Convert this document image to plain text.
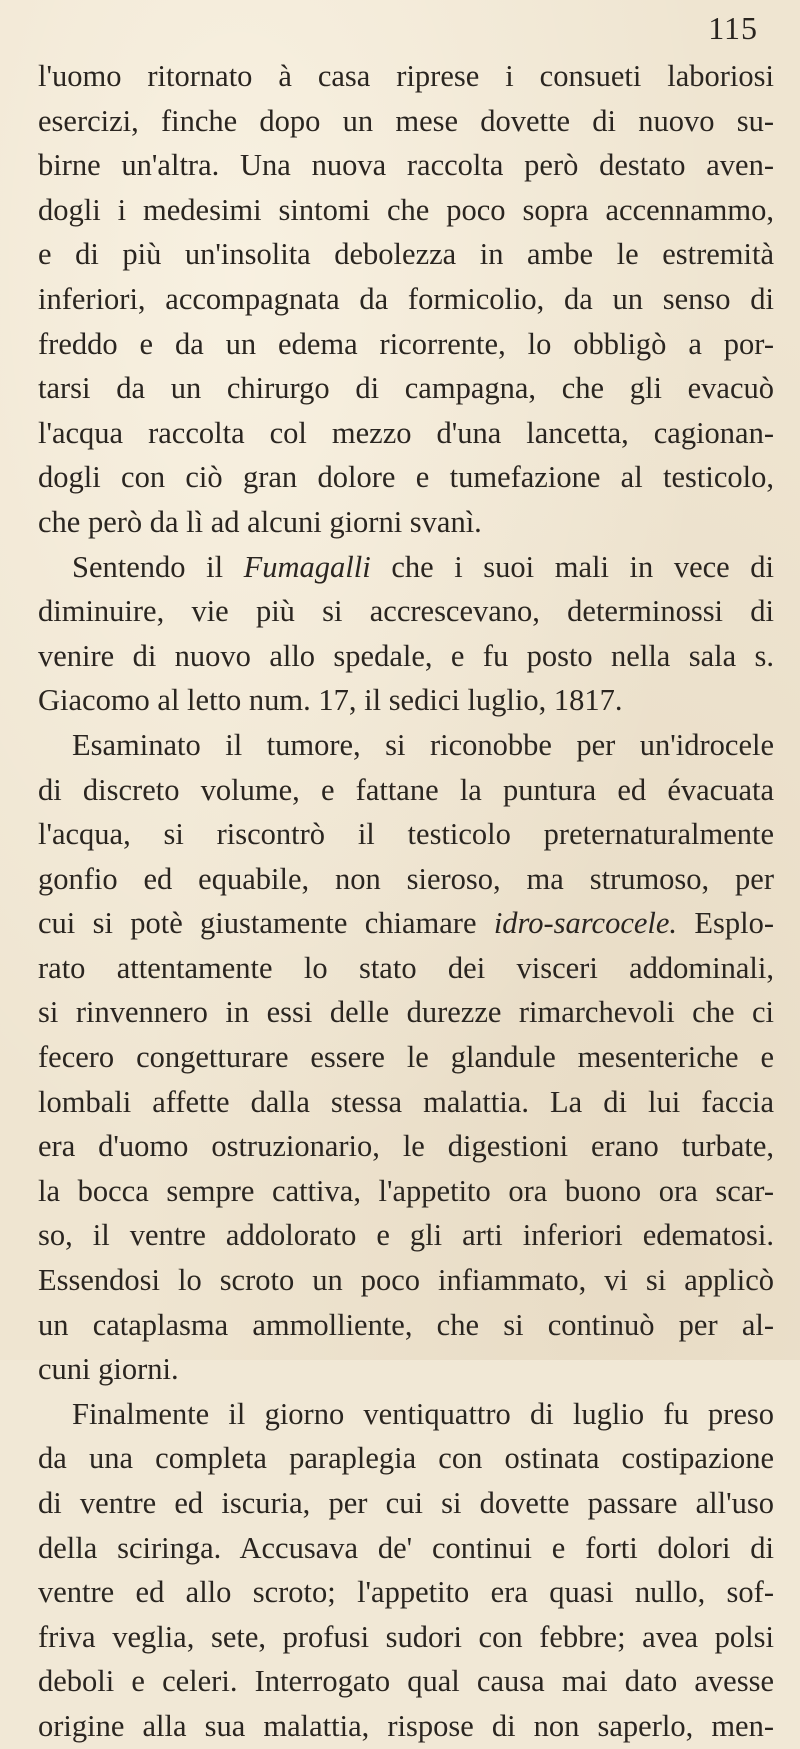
115
l'uomo ritornato à casa riprese i consueti laboriosi
esercizi, finche dopo un mese dovette di nuovo su-
birne un'altra. Una nuova raccolta però destato aven-
dogli i medesimi sintomi che poco sopra accennammo,
e di più un'insolita debolezza in ambe le estremità
inferiori, accompagnata da formicolio, da un senso di
freddo e da un edema ricorrente, lo obbligò a por-
tarsi da un chirurgo di campagna, che gli evacuò
l'acqua raccolta col mezzo d'una lancetta, cagionan-
dogli con ciò gran dolore e tumefazione al testicolo,
che però da lì ad alcuni giorni svanì.
Sentendo il Fumagalli che i suoi mali in vece di
diminuire, vie più si accrescevano, determinossi di
venire di nuovo allo spedale, e fu posto nella sala s.
Giacomo al letto num. 17, il sedici luglio, 1817.
Esaminato il tumore, si riconobbe per un'idrocele
di discreto volume, e fattane la puntura ed évacuata
l'acqua, si riscontrò il testicolo preternaturalmente
gonfio ed equabile, non sieroso, ma strumoso, per
cui si potè giustamente chiamare idro-sarcocele. Esplo-
rato attentamente lo stato dei visceri addominali,
si rinvennero in essi delle durezze rimarchevoli che ci
fecero congetturare essere le glandule mesenteriche e
lombali affette dalla stessa malattia. La di lui faccia
era d'uomo ostruzionario, le digestioni erano turbate,
la bocca sempre cattiva, l'appetito ora buono ora scar-
so, il ventre addolorato e gli arti inferiori edematosi.
Essendosi lo scroto un poco infiammato, vi si applicò
un cataplasma ammolliente, che si continuò per al-
cuni giorni.
Finalmente il giorno ventiquattro di luglio fu preso
da una completa paraplegia con ostinata costipazione
di ventre ed iscuria, per cui si dovette passare all'uso
della sciringa. Accusava de' continui e forti dolori di
ventre ed allo scroto; l'appetito era quasi nullo, sof-
friva veglia, sete, profusi sudori con febbre; avea polsi
deboli e celeri. Interrogato qual causa mai dato avesse
origine alla sua malattia, rispose di non saperlo, men-
